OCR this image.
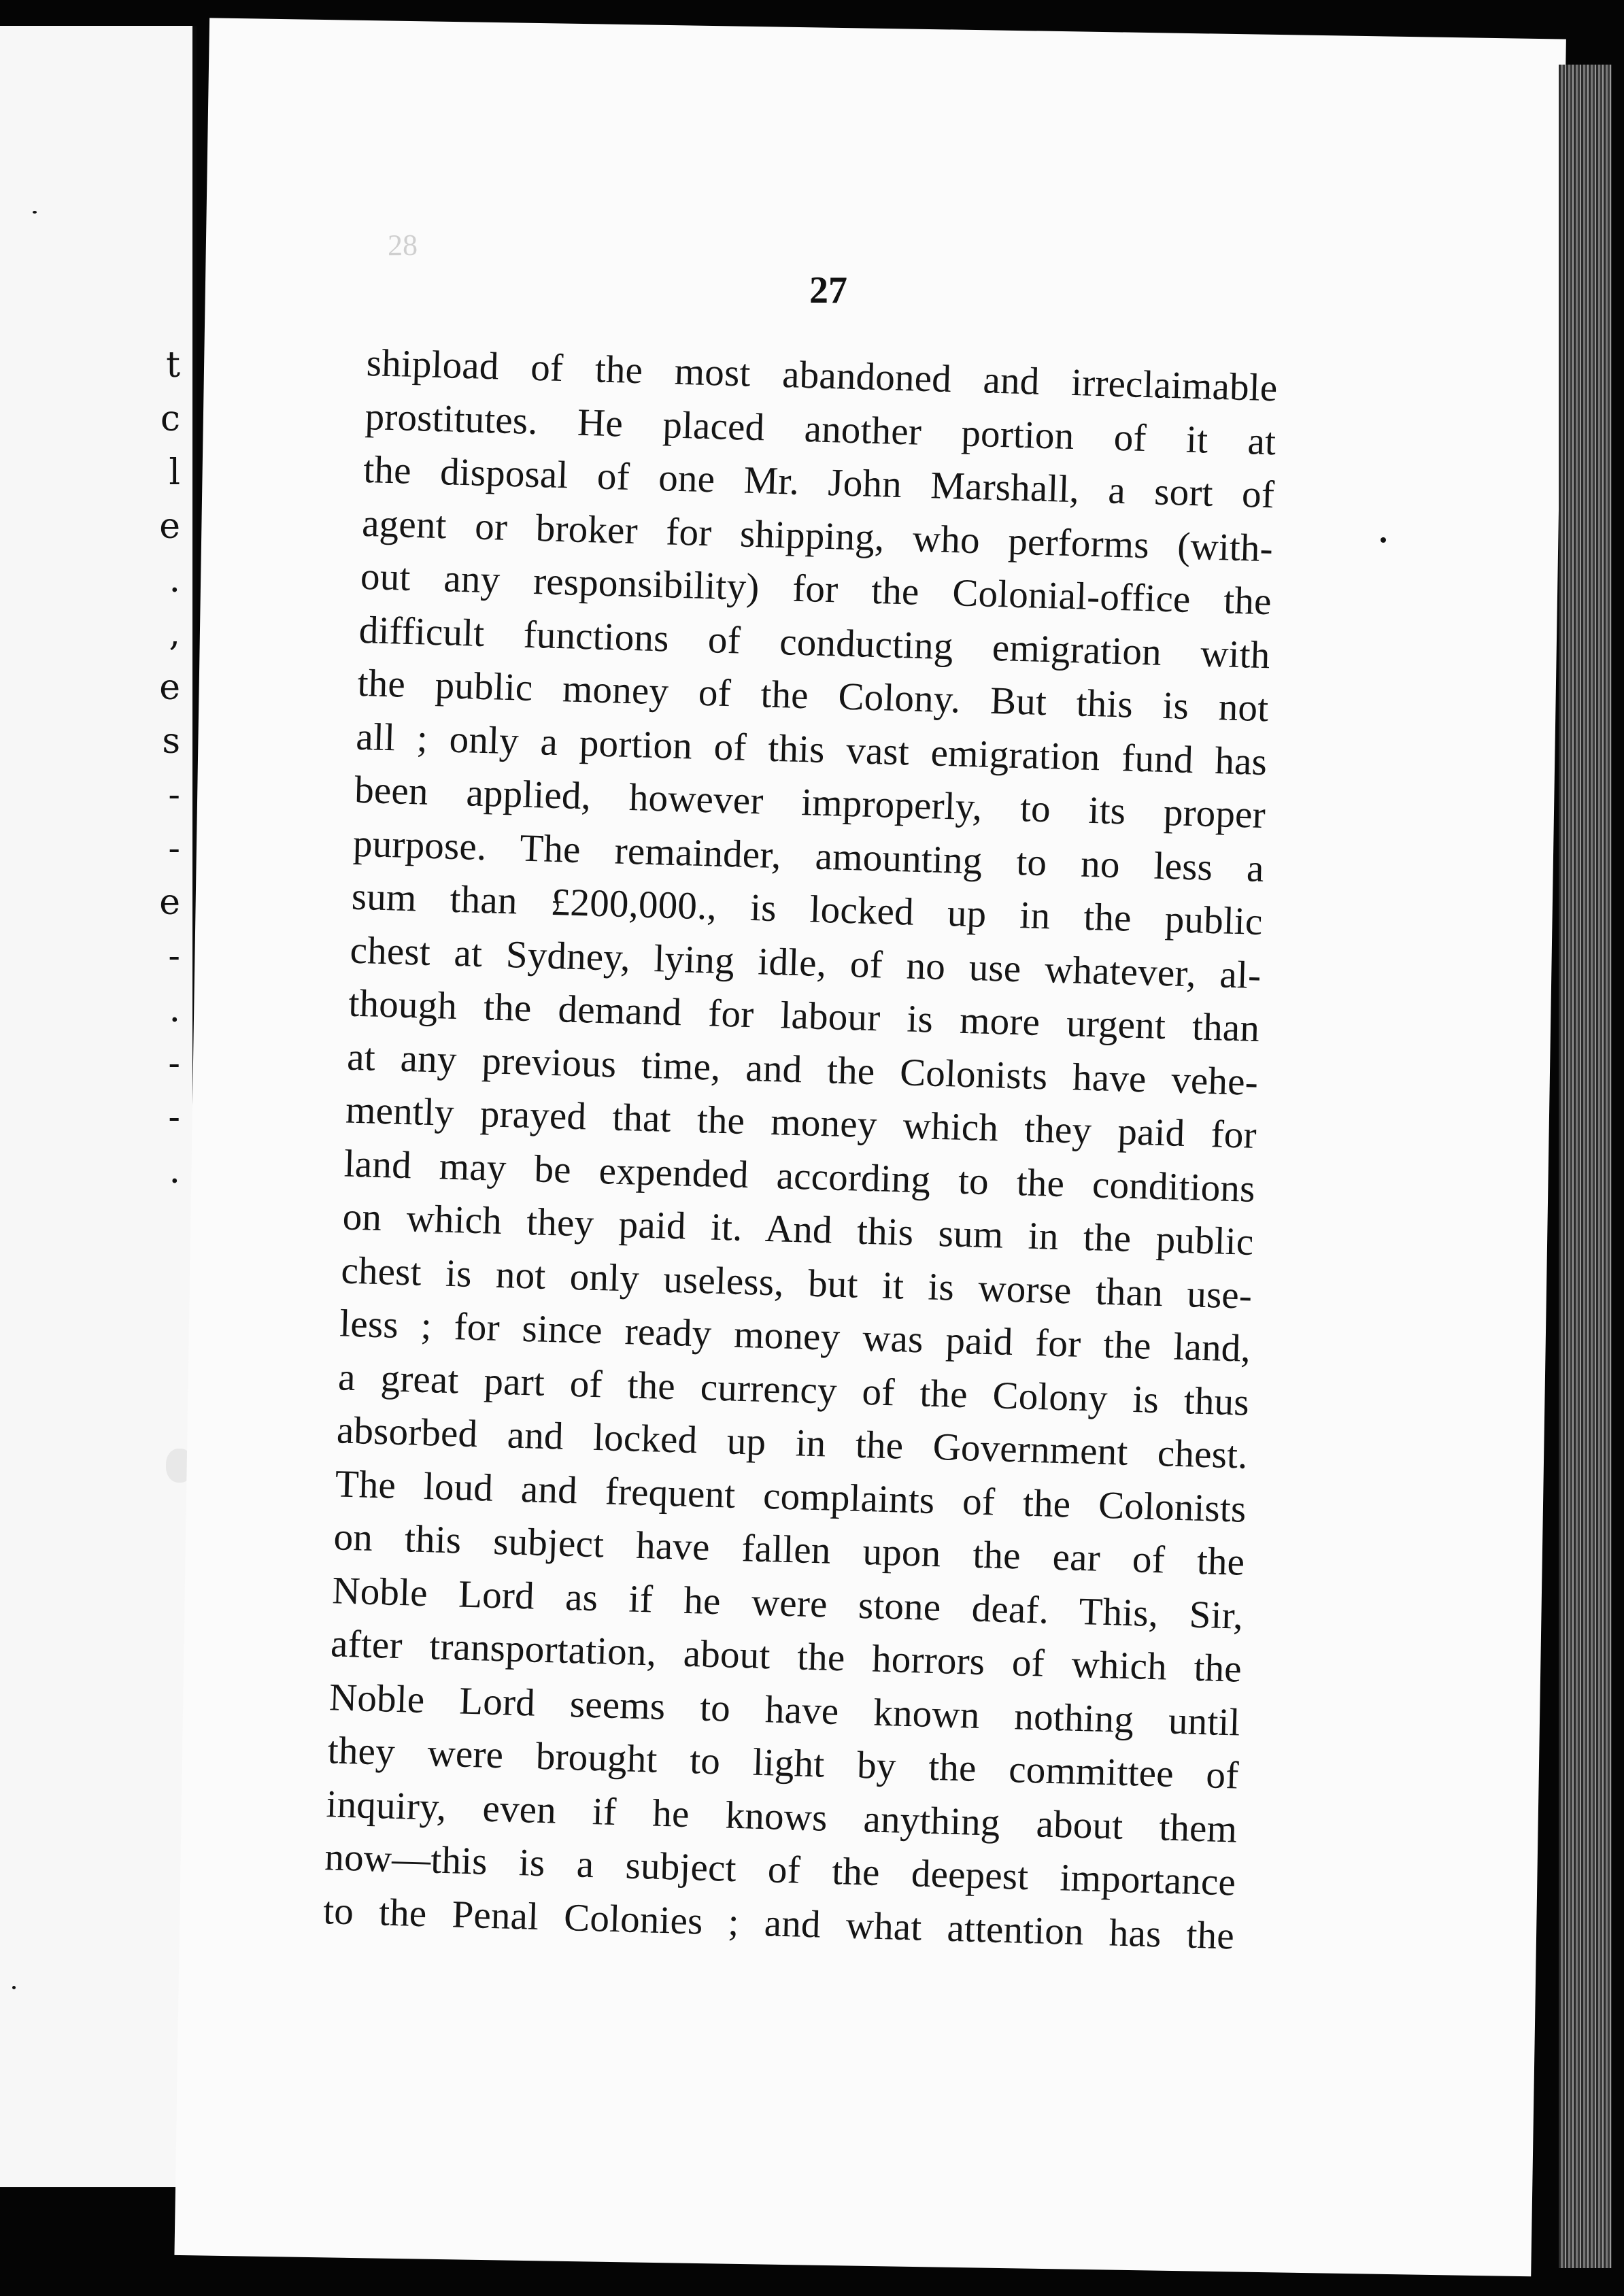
t
c
l
e
.
,
e
s
-
-
e
-
.
-
-
.
28
27
shipload of the most abandoned and irreclaimable
prostitutes. He placed another portion of it at
the disposal of one Mr. John Marshall, a sort of
agent or broker for shipping, who performs (with-
out any responsibility) for the Colonial-office the
difficult functions of conducting emigration with
the public money of the Colony. But this is not
all ; only a portion of this vast emigration fund has
been applied, however improperly, to its proper
purpose. The remainder, amounting to no less a
sum than £200,000., is locked up in the public
chest at Sydney, lying idle, of no use whatever, al-
though the demand for labour is more urgent than
at any previous time, and the Colonists have vehe-
mently prayed that the money which they paid for
land may be expended according to the conditions
on which they paid it. And this sum in the public
chest is not only useless, but it is worse than use-
less ; for since ready money was paid for the land,
a great part of the currency of the Colony is thus
absorbed and locked up in the Government chest.
The loud and frequent complaints of the Colonists
on this subject have fallen upon the ear of the
Noble Lord as if he were stone deaf. This, Sir,
after transportation, about the horrors of which the
Noble Lord seems to have known nothing until
they were brought to light by the committee of
inquiry, even if he knows anything about them
now—this is a subject of the deepest importance
to the Penal Colonies ; and what attention has the
